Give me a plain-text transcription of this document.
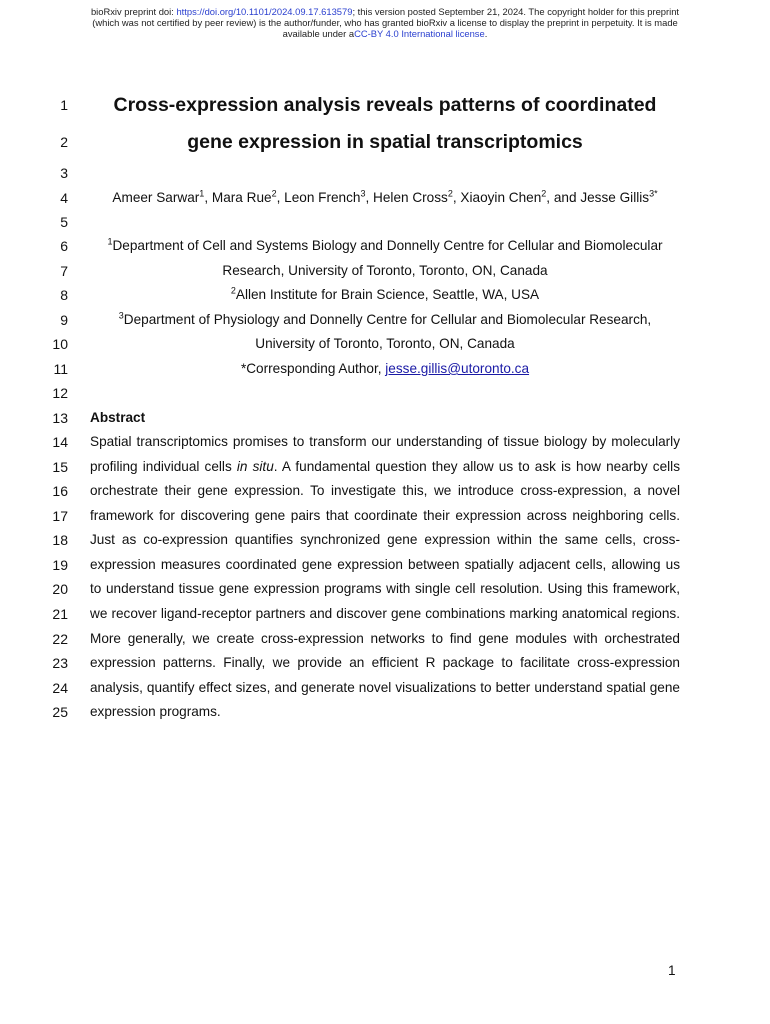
bioRxiv preprint doi: https://doi.org/10.1101/2024.09.17.613579; this version posted September 21, 2024. The copyright holder for this preprint
(which was not certified by peer review) is the author/funder, who has granted bioRxiv a license to display the preprint in perpetuity. It is made
available under aCC-BY 4.0 International license.
1
2
3
4
5
6
7
8
9
10
11
12
13
14
15
16
17
18
19
20
21
22
23
24
25
Cross-expression analysis reveals patterns of coordinated
gene expression in spatial transcriptomics
Ameer Sarwar$^1$, Mara Rue$^2$, Leon French$^3$, Helen Cross$^2$, Xiaoyin Chen$^2$, and Jesse Gillis$^{3*}$
$^1$Department of Cell and Systems Biology and Donnelly Centre for Cellular and Biomolecular
Research, University of Toronto, Toronto, ON, Canada
$^2$Allen Institute for Brain Science, Seattle, WA, USA
$^3$Department of Physiology and Donnelly Centre for Cellular and Biomolecular Research,
University of Toronto, Toronto, ON, Canada
*Corresponding Author, jesse.gillis@utoronto.ca
Abstract
Spatial transcriptomics promises to transform our understanding of tissue biology by molecularly
profiling individual cells in situ. A fundamental question they allow us to ask is how nearby cells
orchestrate their gene expression. To investigate this, we introduce cross-expression, a novel
framework for discovering gene pairs that coordinate their expression across neighboring cells.
Just as co-expression quantifies synchronized gene expression within the same cells, cross-
expression measures coordinated gene expression between spatially adjacent cells, allowing us
to understand tissue gene expression programs with single cell resolution. Using this framework,
we recover ligand-receptor partners and discover gene combinations marking anatomical regions.
More generally, we create cross-expression networks to find gene modules with orchestrated
expression patterns. Finally, we provide an efficient R package to facilitate cross-expression
analysis, quantify effect sizes, and generate novel visualizations to better understand spatial gene
expression programs.
1
